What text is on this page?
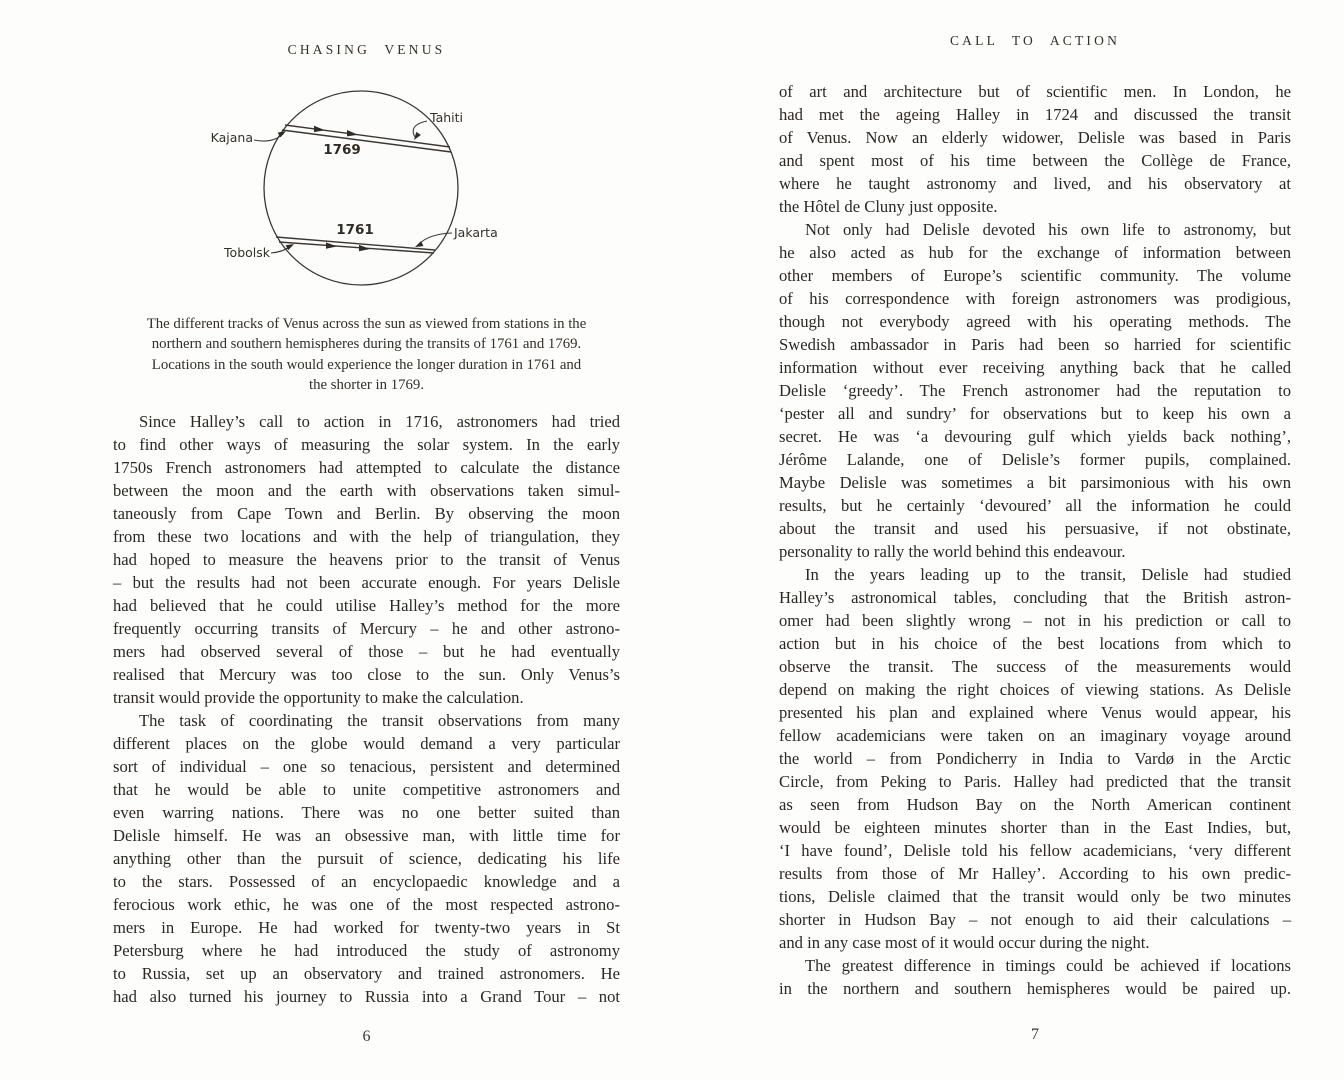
CHASING VENUS
Kajana
Tahiti
Tobolsk
Jakarta
1769
1761
The different tracks of Venus across the sun as viewed from stations in the
northern and southern hemispheres during the transits of 1761 and 1769.
Locations in the south would experience the longer duration in 1761 and
the shorter in 1769.
Since Halley’s call to action in 1716, astronomers had tried
to find other ways of measuring the solar system. In the early
1750s French astronomers had attempted to calculate the distance
between the moon and the earth with observations taken simul-
taneously from Cape Town and Berlin. By observing the moon
from these two locations and with the help of triangulation, they
had hoped to measure the heavens prior to the transit of Venus
– but the results had not been accurate enough. For years Delisle
had believed that he could utilise Halley’s method for the more
frequently occurring transits of Mercury – he and other astrono-
mers had observed several of those – but he had eventually
realised that Mercury was too close to the sun. Only Venus’s
transit would provide the opportunity to make the calculation.
The task of coordinating the transit observations from many
different places on the globe would demand a very particular
sort of individual – one so tenacious, persistent and determined
that he would be able to unite competitive astronomers and
even warring nations. There was no one better suited than
Delisle himself. He was an obsessive man, with little time for
anything other than the pursuit of science, dedicating his life
to the stars. Possessed of an encyclopaedic knowledge and a
ferocious work ethic, he was one of the most respected astrono-
mers in Europe. He had worked for twenty-two years in St
Petersburg where he had introduced the study of astronomy
to Russia, set up an observatory and trained astronomers. He
had also turned his journey to Russia into a Grand Tour – not
6
CALL TO ACTION
of art and architecture but of scientific men. In London, he
had met the ageing Halley in 1724 and discussed the transit
of Venus. Now an elderly widower, Delisle was based in Paris
and spent most of his time between the Collège de France,
where he taught astronomy and lived, and his observatory at
the Hôtel de Cluny just opposite.
Not only had Delisle devoted his own life to astronomy, but
he also acted as hub for the exchange of information between
other members of Europe’s scientific community. The volume
of his correspondence with foreign astronomers was prodigious,
though not everybody agreed with his operating methods. The
Swedish ambassador in Paris had been so harried for scientific
information without ever receiving anything back that he called
Delisle ‘greedy’. The French astronomer had the reputation to
‘pester all and sundry’ for observations but to keep his own a
secret. He was ‘a devouring gulf which yields back nothing’,
Jérôme Lalande, one of Delisle’s former pupils, complained.
Maybe Delisle was sometimes a bit parsimonious with his own
results, but he certainly ‘devoured’ all the information he could
about the transit and used his persuasive, if not obstinate,
personality to rally the world behind this endeavour.
In the years leading up to the transit, Delisle had studied
Halley’s astronomical tables, concluding that the British astron-
omer had been slightly wrong – not in his prediction or call to
action but in his choice of the best locations from which to
observe the transit. The success of the measurements would
depend on making the right choices of viewing stations. As Delisle
presented his plan and explained where Venus would appear, his
fellow academicians were taken on an imaginary voyage around
the world – from Pondicherry in India to Vardø in the Arctic
Circle, from Peking to Paris. Halley had predicted that the transit
as seen from Hudson Bay on the North American continent
would be eighteen minutes shorter than in the East Indies, but,
‘I have found’, Delisle told his fellow academicians, ‘very different
results from those of Mr Halley’. According to his own predic-
tions, Delisle claimed that the transit would only be two minutes
shorter in Hudson Bay – not enough to aid their calculations –
and in any case most of it would occur during the night.
The greatest difference in timings could be achieved if locations
in the northern and southern hemispheres would be paired up.
7
